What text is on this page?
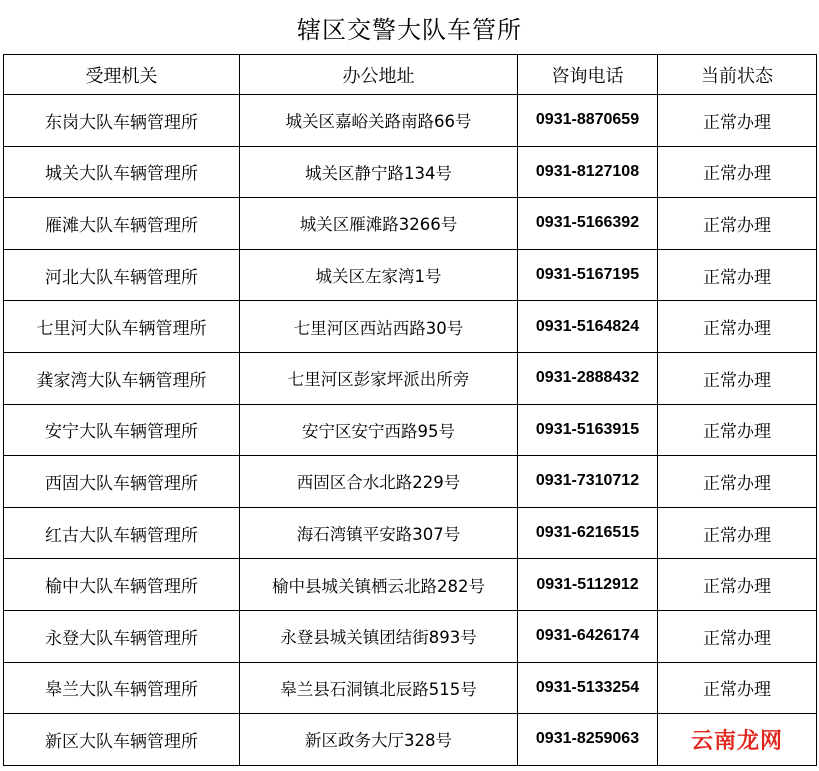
辖区交警大队车管所
受理机关	办公地址	咨询电话	当前状态
东岗大队车辆管理所	城关区嘉峪关路南路66号	0931-8870659	正常办理
城关大队车辆管理所	城关区静宁路134号	0931-8127108	正常办理
雁滩大队车辆管理所	城关区雁滩路3266号	0931-5166392	正常办理
河北大队车辆管理所	城关区左家湾1号	0931-5167195	正常办理
七里河大队车辆管理所	七里河区西站西路30号	0931-5164824	正常办理
龚家湾大队车辆管理所	七里河区彭家坪派出所旁	0931-2888432	正常办理
安宁大队车辆管理所	安宁区安宁西路95号	0931-5163915	正常办理
西固大队车辆管理所	西固区合水北路229号	0931-7310712	正常办理
红古大队车辆管理所	海石湾镇平安路307号	0931-6216515	正常办理
榆中大队车辆管理所	榆中县城关镇栖云北路282号	0931-5112912	正常办理
永登大队车辆管理所	永登县城关镇团结街893号	0931-6426174	正常办理
皋兰大队车辆管理所	皋兰县石洞镇北辰路515号	0931-5133254	正常办理
新区大队车辆管理所	新区政务大厅328号	0931-8259063	云南龙网
